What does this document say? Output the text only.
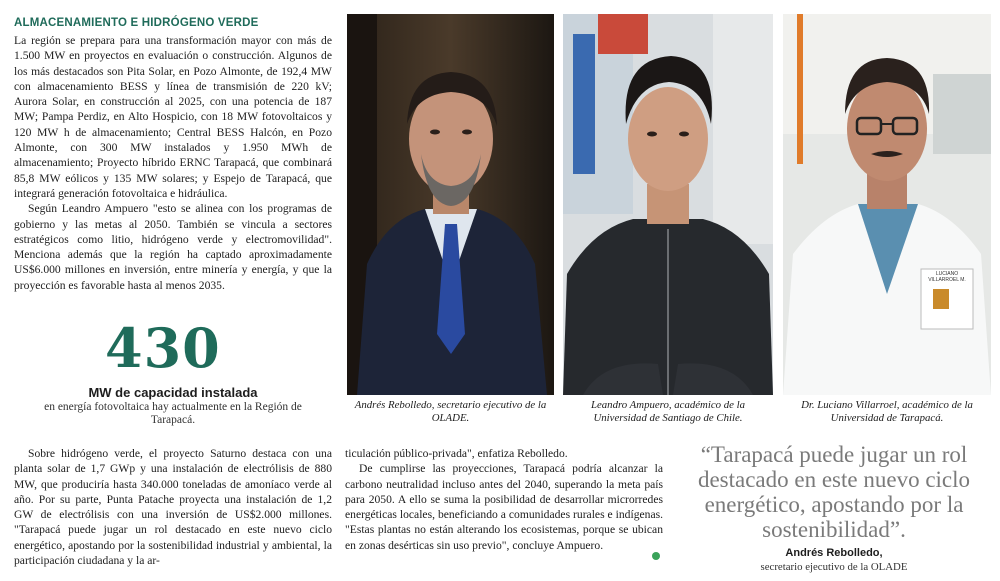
ALMACENAMIENTO E HIDRÓGENO VERDE

La región se prepara para una transformación mayor con más de 1.500 MW en proyectos en evaluación o construcción. Algunos de los más destacados son Pita Solar, en Pozo Almonte, de 192,4 MW con almacenamiento BESS y línea de transmisión de 220 kV; Aurora Solar, en construcción al 2025, con una potencia de 187 MW; Pampa Perdiz, en Alto Hospicio, con 18 MW fotovoltaicos y 120 MW h de almacenamiento; Central BESS Halcón, en Pozo Almonte, con 300 MW instalados y 1.950 MWh de almacenamiento; Proyecto híbrido ERNC Tarapacá, que combinará 85,8 MW eólicos y 135 MW solares; y Espejo de Tarapacá, que integrará generación fotovoltaica e hidráulica.

Según Leandro Ampuero "esto se alinea con los programas de gobierno y las metas al 2050. También se vincula a sectores estratégicos como litio, hidrógeno verde y electromovilidad". Menciona además que la región ha captado aproximadamente US$6.000 millones en inversión, entre minería y energía, y que la proyección es favorable hasta al menos 2035.

430
MW de capacidad instalada
en energía fotovoltaica hay actualmente en la Región de Tarapacá.

Sobre hidrógeno verde, el proyecto Saturno destaca con una planta solar de 1,7 GWp y una instalación de electrólisis de 880 MW, que produciría hasta 340.000 toneladas de amoníaco verde al año. Por su parte, Punta Patache proyecta una instalación de 1,2 GW de electrólisis con una inversión de US$2.000 millones. "Tarapacá puede jugar un rol destacado en este nuevo ciclo energético, apostando por la sostenibilidad industrial y ambiental, la participación ciudadana y la ar-

ticulación público-privada", enfatiza Rebolledo.

De cumplirse las proyecciones, Tarapacá podría alcanzar la carbono neutralidad incluso antes del 2040, superando la meta país para 2050. A ello se suma la posibilidad de desarrollar microrredes energéticas locales, beneficiando a comunidades rurales e indígenas. "Estas plantas no están alterando los ecosistemas, porque se ubican en zonas desérticas sin uso previo", concluye Ampuero.

LUCIANO VILLARROEL M.
Andrés Rebolledo, secretario ejecutivo de la OLADE.
Leandro Ampuero, académico de la Universidad de Santiago de Chile.
Dr. Luciano Villarroel, académico de la Universidad de Tarapacá.
“Tarapacá puede jugar un rol destacado en este nuevo ciclo energético, apostando por la sostenibilidad”.
Andrés Rebolledo,
secretario ejecutivo de la OLADE
